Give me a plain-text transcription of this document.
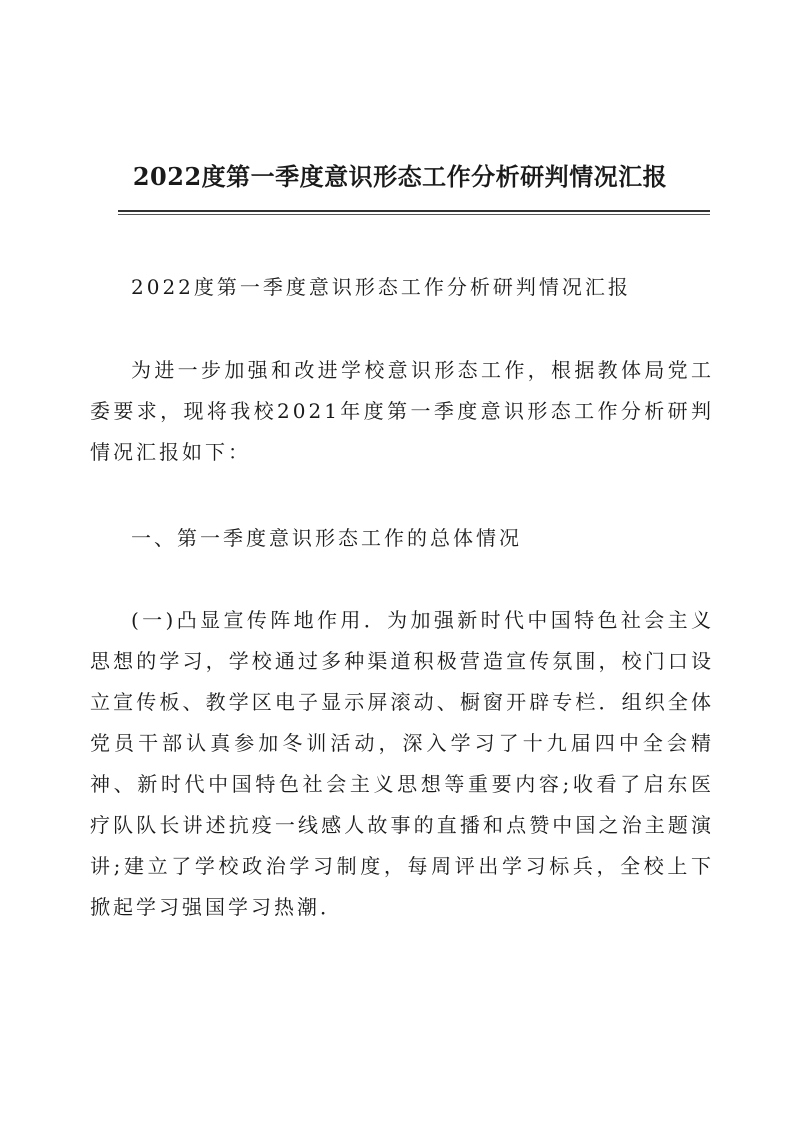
2022度第一季度意识形态工作分析研判情况汇报

2022度第一季度意识形态工作分析研判情况汇报

为进一步加强和改进学校意识形态工作，根据教体局党工委要求，现将我校2021年度第一季度意识形态工作分析研判情况汇报如下：

一、第一季度意识形态工作的总体情况

(一)凸显宣传阵地作用．为加强新时代中国特色社会主义思想的学习，学校通过多种渠道积极营造宣传氛围，校门口设立宣传板、教学区电子显示屏滚动、橱窗开辟专栏．组织全体党员干部认真参加冬训活动，深入学习了十九届四中全会精神、新时代中国特色社会主义思想等重要内容;收看了启东医疗队队长讲述抗疫一线感人故事的直播和点赞中国之治主题演讲;建立了学校政治学习制度，每周评出学习标兵，全校上下掀起学习强国学习热潮．
